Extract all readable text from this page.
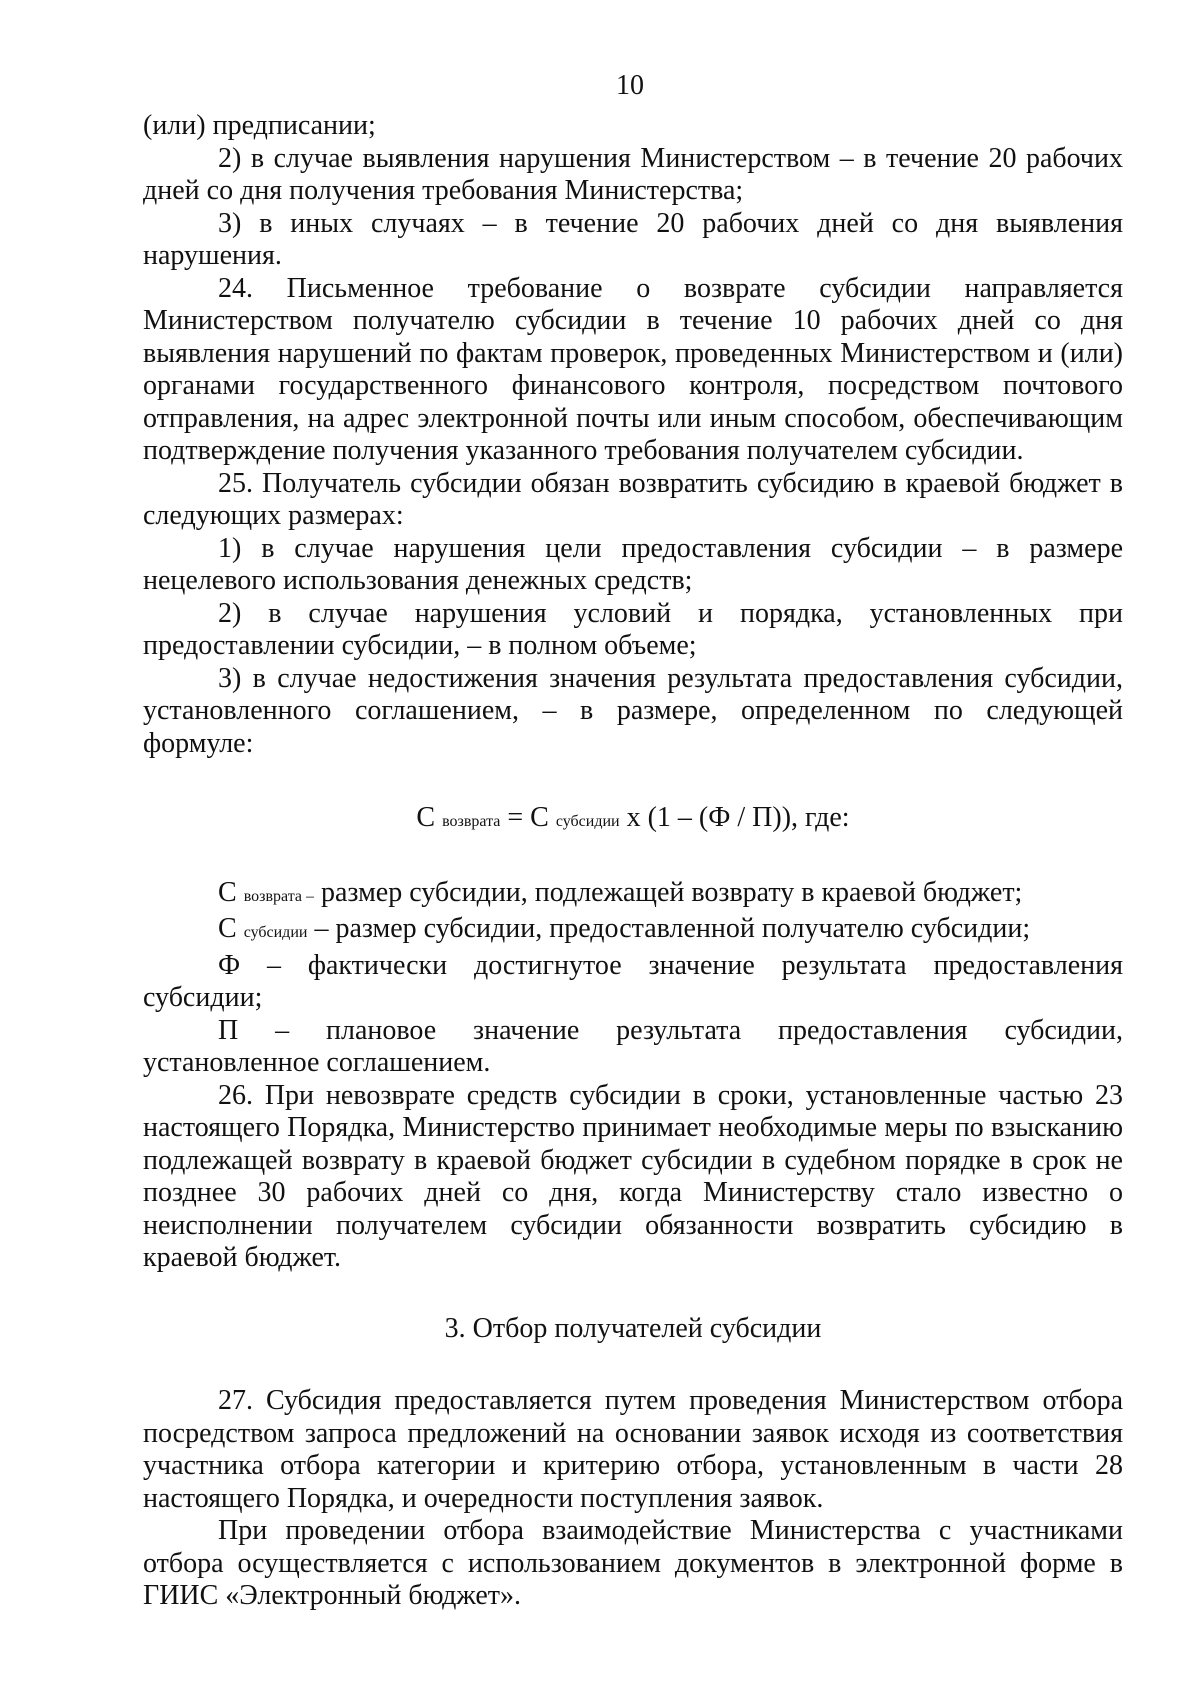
10

(или) предписании;

2) в случае выявления нарушения Министерством – в течение 20 рабочих дней со дня получения требования Министерства;

3) в иных случаях – в течение 20 рабочих дней со дня выявления нарушения.

24. Письменное требование о возврате субсидии направляется Министерством получателю субсидии в течение 10 рабочих дней со дня выявления нарушений по фактам проверок, проведенных Министерством и (или) органами государственного финансового контроля, посредством почтового отправления, на адрес электронной почты или иным способом, обеспечивающим подтверждение получения указанного требования получателем субсидии.

25. Получатель субсидии обязан возвратить субсидию в краевой бюджет в следующих размерах:

1) в случае нарушения цели предоставления субсидии – в размере нецелевого использования денежных средств;

2) в случае нарушения условий и порядка, установленных при предоставлении субсидии, – в полном объеме;

3) в случае недостижения значения результата предоставления субсидии, установленного соглашением, – в размере, определенном по следующей формуле:

С возврата = С субсидии x (1 – (Ф / П)), где:

С возврата – размер субсидии, подлежащей возврату в краевой бюджет;

С субсидии – размер субсидии, предоставленной получателю субсидии;

Ф – фактически достигнутое значение результата предоставления субсидии;

П – плановое значение результата предоставления субсидии, установленное соглашением.

26. При невозврате средств субсидии в сроки, установленные частью 23 настоящего Порядка, Министерство принимает необходимые меры по взысканию подлежащей возврату в краевой бюджет субсидии в судебном порядке в срок не позднее 30 рабочих дней со дня, когда Министерству стало известно о неисполнении получателем субсидии обязанности возвратить субсидию в краевой бюджет.

3. Отбор получателей субсидии

27. Субсидия предоставляется путем проведения Министерством отбора посредством запроса предложений на основании заявок исходя из соответствия участника отбора категории и критерию отбора, установленным в части 28 настоящего Порядка, и очередности поступления заявок.

При проведении отбора взаимодействие Министерства с участниками отбора осуществляется с использованием документов в электронной форме в ГИИС «Электронный бюджет».
